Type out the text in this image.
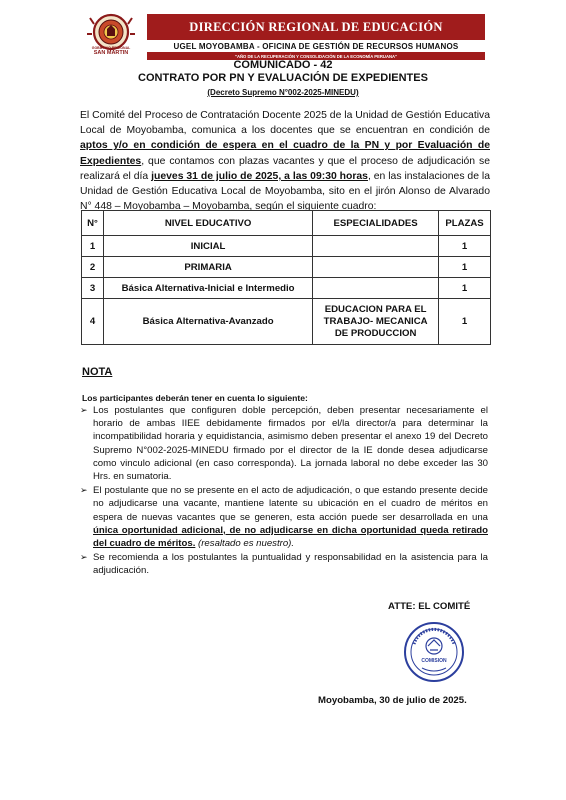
GOBIERNO REGIONAL
SAN MARTIN
DIRECCIÓN REGIONAL DE EDUCACIÓN
UGEL MOYOBAMBA - OFICINA DE GESTIÓN DE RECURSOS HUMANOS
"AÑO DE LA RECUPERACIÓN Y CONSOLIDACIÓN DE LA ECONOMÍA PERUANA"
COMUNICADO - 42
CONTRATO POR PN Y EVALUACIÓN DE EXPEDIENTES
(Decreto Supremo N°002-2025-MINEDU)
El Comité del Proceso de Contratación Docente 2025 de la Unidad de Gestión Educativa Local de Moyobamba, comunica a los docentes que se encuentran en condición de aptos y/o en condición de espera en el cuadro de la PN y por Evaluación de Expedientes, que contamos con plazas vacantes y que el proceso de adjudicación se realizará el día jueves 31 de julio de 2025, a las 09:30 horas, en las instalaciones de la Unidad de Gestión Educativa Local de Moyobamba, sito en el jirón Alonso de Alvarado N° 448 – Moyobamba – Moyobamba, según el siguiente cuadro:
N°	NIVEL EDUCATIVO	ESPECIALIDADES	PLAZAS
1	INICIAL		1
2	PRIMARIA		1
3	Básica Alternativa-Inicial e Intermedio		1
4	Básica Alternativa-Avanzado	EDUCACION PARA EL TRABAJO- MECANICA DE PRODUCCION	1
NOTA
Los participantes deberán tener en cuenta lo siguiente:
➢ Los postulantes que configuren doble percepción, deben presentar necesariamente el horario de ambas IIEE debidamente firmados por el/la director/a para determinar la incompatibilidad horaria y equidistancia, asimismo deben presentar el anexo 19 del Decreto Supremo N°002-2025-MINEDU firmado por el director de la IE donde desea adjudicarse como vinculo adicional (en caso corresponda). La jornada laboral no debe exceder las 30 Hrs. en sumatoria.
➢ El postulante que no se presente en el acto de adjudicación, o que estando presente decide no adjudicarse una vacante, mantiene latente su ubicación en el cuadro de méritos en espera de nuevas vacantes que se generen, esta acción puede ser desarrollada en una única oportunidad adicional, de no adjudicarse en dicha oportunidad queda retirado del cuadro de méritos. (resaltado es nuestro).
➢ Se recomienda a los postulantes la puntualidad y responsabilidad en la asistencia para la adjudicación.
ATTE: EL COMITÉ
COMISION
Moyobamba, 30 de julio de 2025.
